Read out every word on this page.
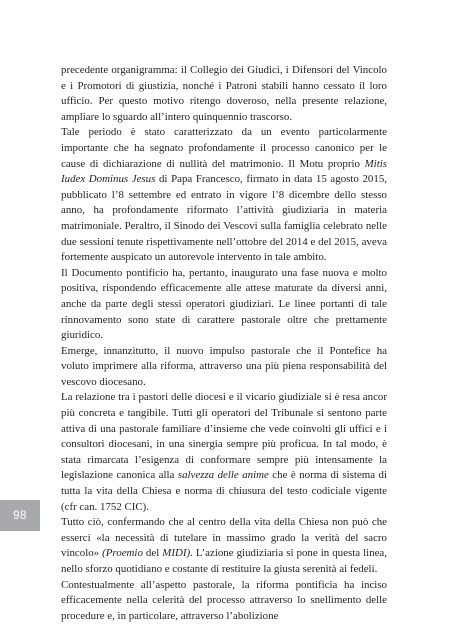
precedente organigramma: il Collegio dei Giudici, i Difensori del Vincolo e i Promotori di giustizia, nonché i Patroni stabili hanno cessato il loro ufficio. Per questo motivo ritengo doveroso, nella presente relazione, ampliare lo sguardo all’intero quinquennio trascorso.

Tale periodo è stato caratterizzato da un evento particolarmente importante che ha segnato profondamente il processo canonico per le cause di dichiarazione di nullità del matrimonio. Il Motu proprio Mitis Iudex Dominus Jesus di Papa Francesco, firmato in data 15 agosto 2015, pubblicato l’8 settembre ed entrato in vigore l’8 dicembre dello stesso anno, ha profondamente riformato l’attività giudiziaria in materia matrimoniale. Peraltro, il Sinodo dei Vescovi sulla famiglia celebrato nelle due sessioni tenute rispettivamente nell’ottobre del 2014 e del 2015, aveva fortemente auspicato un autorevole intervento in tale ambito.

Il Documento pontificio ha, pertanto, inaugurato una fase nuova e molto positiva, rispondendo efficacemente alle attese maturate da diversi anni, anche da parte degli stessi operatori giudiziari. Le linee portanti di tale rinnovamento sono state di carattere pastorale oltre che prettamente giuridico.

Emerge, innanzitutto, il nuovo impulso pastorale che il Pontefice ha voluto imprimere alla riforma, attraverso una più piena responsabilità del vescovo diocesano.

La relazione tra i pastori delle diocesi e il vicario giudiziale si è resa ancor più concreta e tangibile. Tutti gli operatori del Tribunale si sentono parte attiva di una pastorale familiare d’insieme che vede coinvolti gli uffici e i consultori diocesani, in una sinergia sempre più proficua. In tal modo, è stata rimarcata l’esigenza di conformare sempre più intensamente la legislazione canonica alla salvezza delle anime che è norma di sistema di tutta la vita della Chiesa e norma di chiusura del testo codiciale vigente (cfr can. 1752 CIC).

Tutto ciò, confermando che al centro della vita della Chiesa non può che esserci «la necessità di tutelare in massimo grado la verità del sacro vincolo» (Proemio del MIDI). L’azione giudiziaria si pone in questa linea, nello sforzo quotidiano e costante di restituire la giusta serenità ai fedeli.

Contestualmente all’aspetto pastorale, la riforma pontificia ha inciso efficacemente nella celerità del processo attraverso lo snellimento delle procedure e, in particolare, attraverso l’abolizione

98
